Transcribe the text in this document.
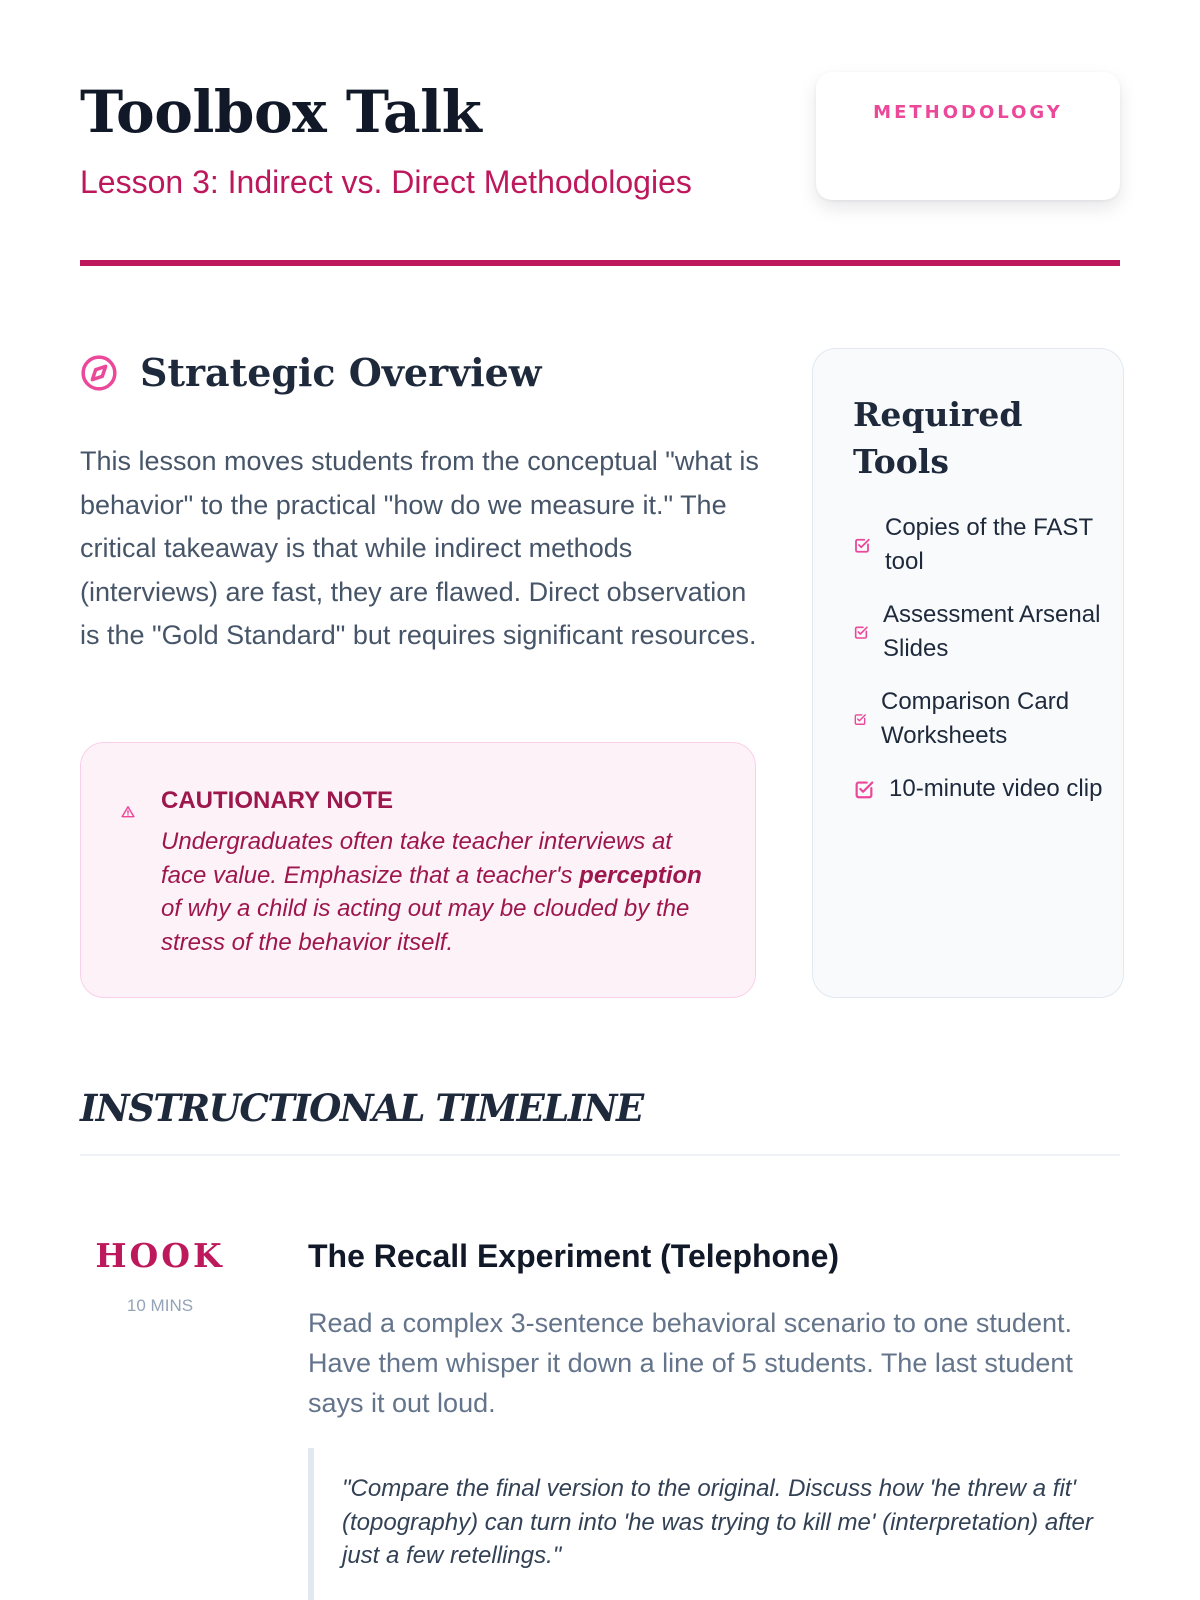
Toolbox Talk
Lesson 3: Indirect vs. Direct Methodologies
METHODOLOGY
Strategic Overview

This lesson moves students from the conceptual "what is behavior" to the practical "how do we measure it." The critical takeaway is that while indirect methods (interviews) are fast, they are flawed. Direct observation is the "Gold Standard" but requires significant resources.

CAUTIONARY NOTE

Undergraduates often take teacher interviews at face value. Emphasize that a teacher's perception of why a child is acting out may be clouded by the stress of the behavior itself.

Required Tools
Copies of the FAST tool
Assessment Arsenal Slides
Comparison Card Worksheets
10-minute video clip
INSTRUCTIONAL TIMELINE
HOOK
10 MINS
The Recall Experiment (Telephone)

Read a complex 3-sentence behavioral scenario to one student. Have them whisper it down a line of 5 students. The last student says it out loud.

"Compare the final version to the original. Discuss how 'he threw a fit' (topography) can turn into 'he was trying to kill me' (interpretation) after just a few retellings."
